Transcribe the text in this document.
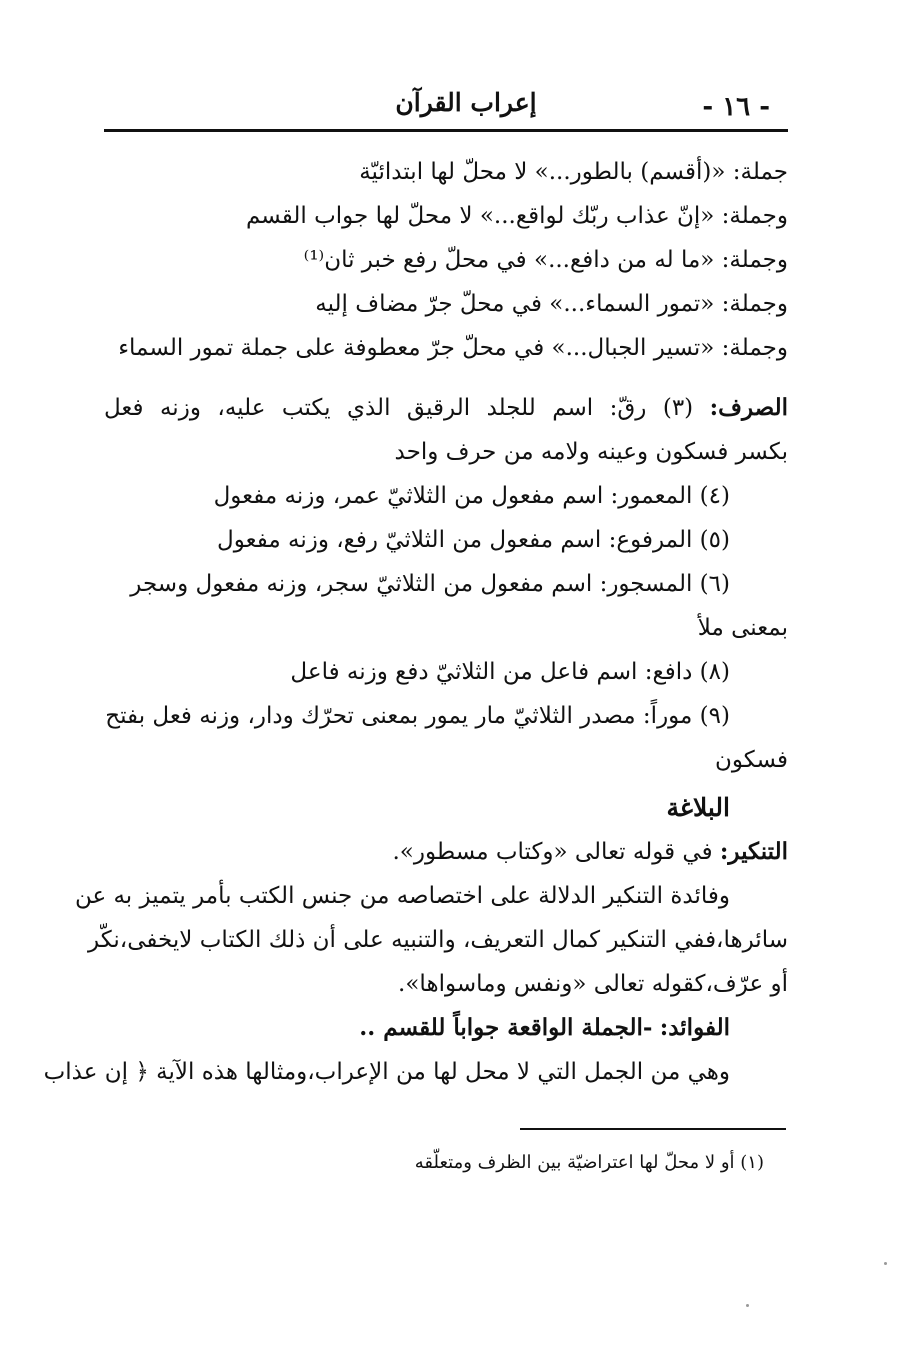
- ١٦ -
إعراب القرآن
جملة: «(أقسم) بالطور...» لا محلّ لها ابتدائيّة
وجملة: «إنّ عذاب ربّك لواقع...» لا محلّ لها جواب القسم
وجملة: «ما له من دافع...» في محلّ رفع خبر ثان⁽¹⁾
وجملة: «تمور السماء...» في محلّ جرّ مضاف إليه
وجملة: «تسير الجبال...» في محلّ جرّ معطوفة على جملة تمور السماء
الصرف: (٣) رقّ: اسم للجلد الرقيق الذي يكتب عليه، وزنه فعل
بكسر فسكون وعينه ولامه من حرف واحد
(٤) المعمور: اسم مفعول من الثلاثيّ عمر، وزنه مفعول
(٥) المرفوع: اسم مفعول من الثلاثيّ رفع، وزنه مفعول
(٦) المسجور: اسم مفعول من الثلاثيّ سجر، وزنه مفعول وسجر
بمعنى ملأ
(٨) دافع: اسم فاعل من الثلاثيّ دفع وزنه فاعل
(٩) موراً: مصدر الثلاثيّ مار يمور بمعنى تحرّك ودار، وزنه فعل بفتح
فسكون
البلاغة
التنكير: في قوله تعالى «وكتاب مسطور».
وفائدة التنكير الدلالة على اختصاصه من جنس الكتب بأمر يتميز به عن
سائرها،ففي التنكير كمال التعريف، والتنبيه على أن ذلك الكتاب لايخفى،نكّر
أو عرّف،كقوله تعالى «ونفس وماسواها».
الفوائد: -الجملة الواقعة جواباً للقسم ..
وهي من الجمل التي لا محل لها من الإعراب،ومثالها هذه الآية ﴿ إن عذاب
(١) أو لا محلّ لها اعتراضيّة بين الظرف ومتعلّقه
